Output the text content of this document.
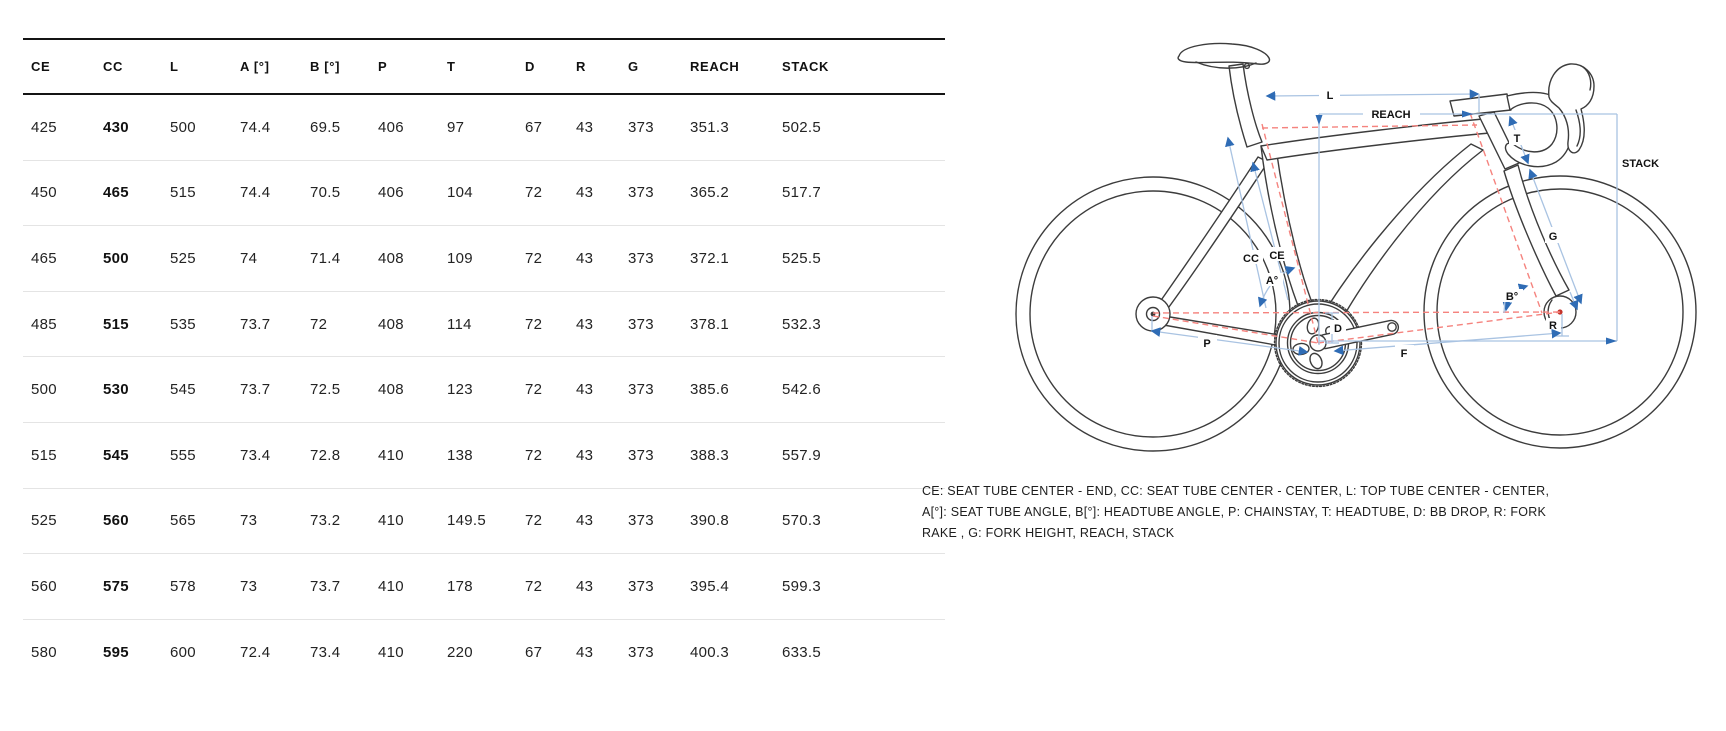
CE	CC	L	A [°]	B [°]	P	T	D	R	G	REACH	STACK
425	430	500	74.4	69.5	406	97	67	43	373	351.3	502.5
450	465	515	74.4	70.5	406	104	72	43	373	365.2	517.7
465	500	525	74	71.4	408	109	72	43	373	372.1	525.5
485	515	535	73.7	72	408	114	72	43	373	378.1	532.3
500	530	545	73.7	72.5	408	123	72	43	373	385.6	542.6
515	545	555	73.4	72.8	410	138	72	43	373	388.3	557.9
525	560	565	73	73.2	410	149.5	72	43	373	390.8	570.3
560	575	578	73	73.7	410	178	72	43	373	395.4	599.3
580	595	600	72.4	73.4	410	220	67	43	373	400.3	633.5
L
REACH
STACK
T
G
B°
R
D
P
F
CC CE
A°
CE: SEAT TUBE CENTER - END, CC: SEAT TUBE CENTER - CENTER, L: TOP TUBE CENTER - CENTER, A[°]: SEAT TUBE ANGLE, B[°]: HEADTUBE ANGLE, P: CHAINSTAY, T: HEADTUBE, D: BB DROP, R: FORK RAKE , G: FORK HEIGHT, REACH, STACK
